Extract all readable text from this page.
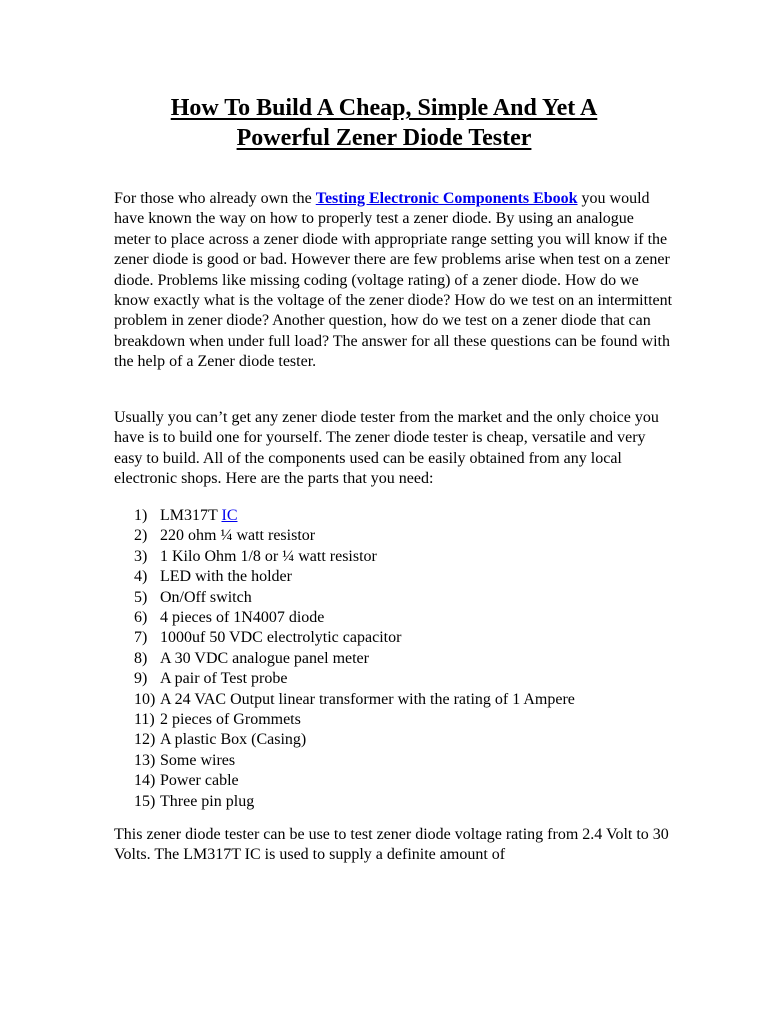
How To Build A Cheap, Simple And Yet A
Powerful Zener Diode Tester

For those who already own the Testing Electronic Components Ebook you would have known the way on how to properly test a zener diode. By using an analogue meter to place across a zener diode with appropriate range setting you will know if the zener diode is good or bad. However there are few problems arise when test on a zener diode. Problems like missing coding (voltage rating) of a zener diode. How do we know exactly what is the voltage of the zener diode? How do we test on an intermittent problem in zener diode? Another question, how do we test on a zener diode that can breakdown when under full load? The answer for all these questions can be found with the help of a Zener diode tester.

Usually you can’t get any zener diode tester from the market and the only choice you have is to build one for yourself. The zener diode tester is cheap, versatile and very easy to build. All of the components used can be easily obtained from any local electronic shops. Here are the parts that you need:

1) LM317T IC
2) 220 ohm ¼ watt resistor
3) 1 Kilo Ohm 1/8 or ¼ watt resistor
4) LED with the holder
5) On/Off switch
6) 4 pieces of 1N4007 diode
7) 1000uf 50 VDC electrolytic capacitor
8) A 30 VDC analogue panel meter
9) A pair of Test probe
10) A 24 VAC Output linear transformer with the rating of 1 Ampere
11) 2 pieces of Grommets
12) A plastic Box (Casing)
13) Some wires
14) Power cable
15) Three pin plug

This zener diode tester can be use to test zener diode voltage rating from 2.4 Volt to 30 Volts. The LM317T IC is used to supply a definite amount of
